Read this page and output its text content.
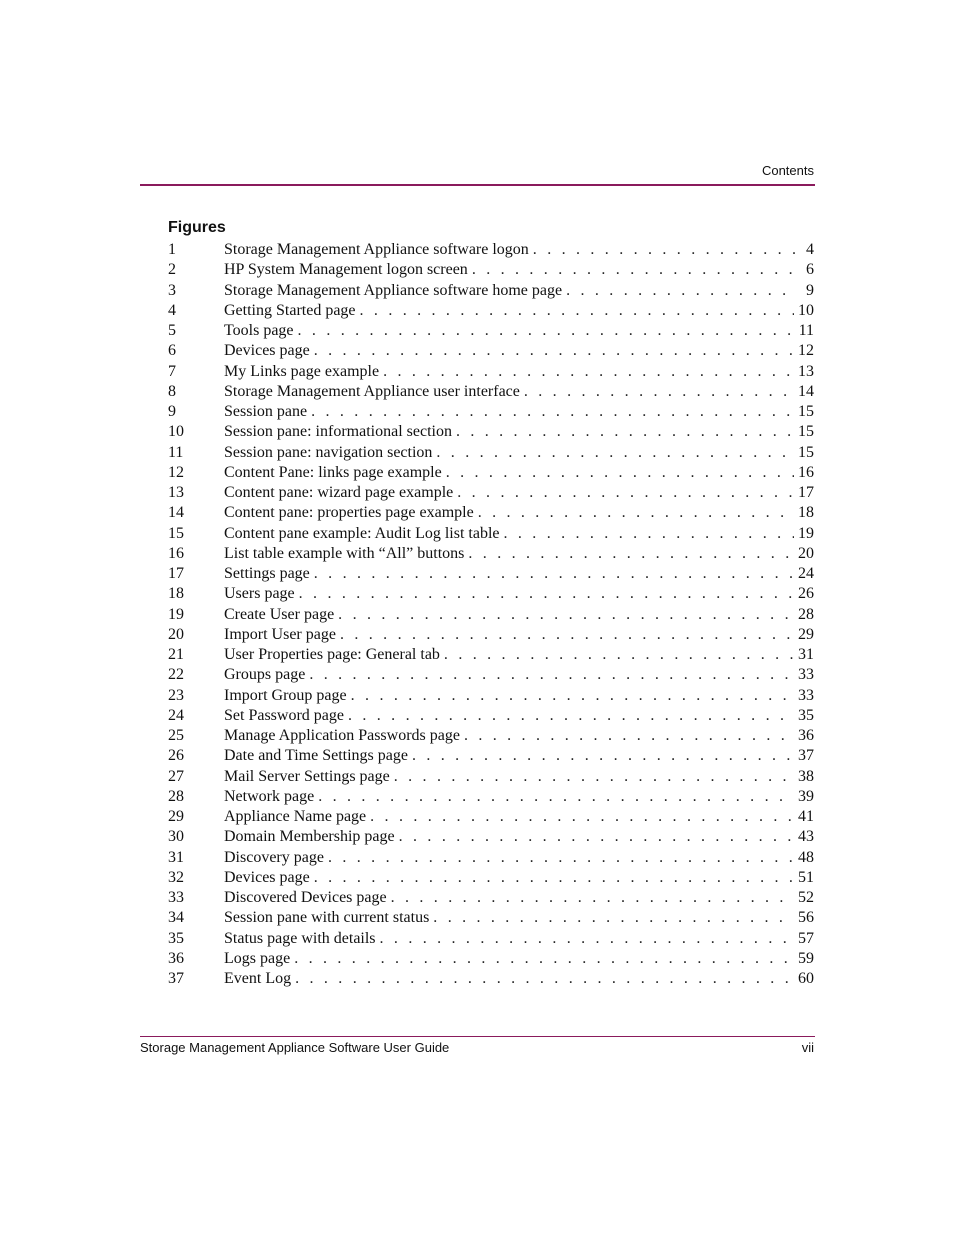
Contents
Figures
1	Storage Management Appliance software logon . . .	4
2	HP System Management logon screen . . .	6
3	Storage Management Appliance software home page . . .	9
4	Getting Started page . . .	10
5	Tools page . . .	11
6	Devices page . . .	12
7	My Links page example . . .	13
8	Storage Management Appliance user interface . . .	14
9	Session pane . . .	15
10	Session pane: informational section . . .	15
11	Session pane: navigation section . . .	15
12	Content Pane: links page example . . .	16
13	Content pane: wizard page example . . .	17
14	Content pane: properties page example . . .	18
15	Content pane example: Audit Log list table . . .	19
16	List table example with “All” buttons . . .	20
17	Settings page . . .	24
18	Users page . . .	26
19	Create User page . . .	28
20	Import User page . . .	29
21	User Properties page: General tab . . .	31
22	Groups page . . .	33
23	Import Group page . . .	33
24	Set Password page . . .	35
25	Manage Application Passwords page . . .	36
26	Date and Time Settings page . . .	37
27	Mail Server Settings page . . .	38
28	Network page . . .	39
29	Appliance Name page . . .	41
30	Domain Membership page . . .	43
31	Discovery page . . .	48
32	Devices page . . .	51
33	Discovered Devices page . . .	52
34	Session pane with current status . . .	56
35	Status page with details . . .	57
36	Logs page . . .	59
37	Event Log . . .	60
Storage Management Appliance Software User Guide	vii
